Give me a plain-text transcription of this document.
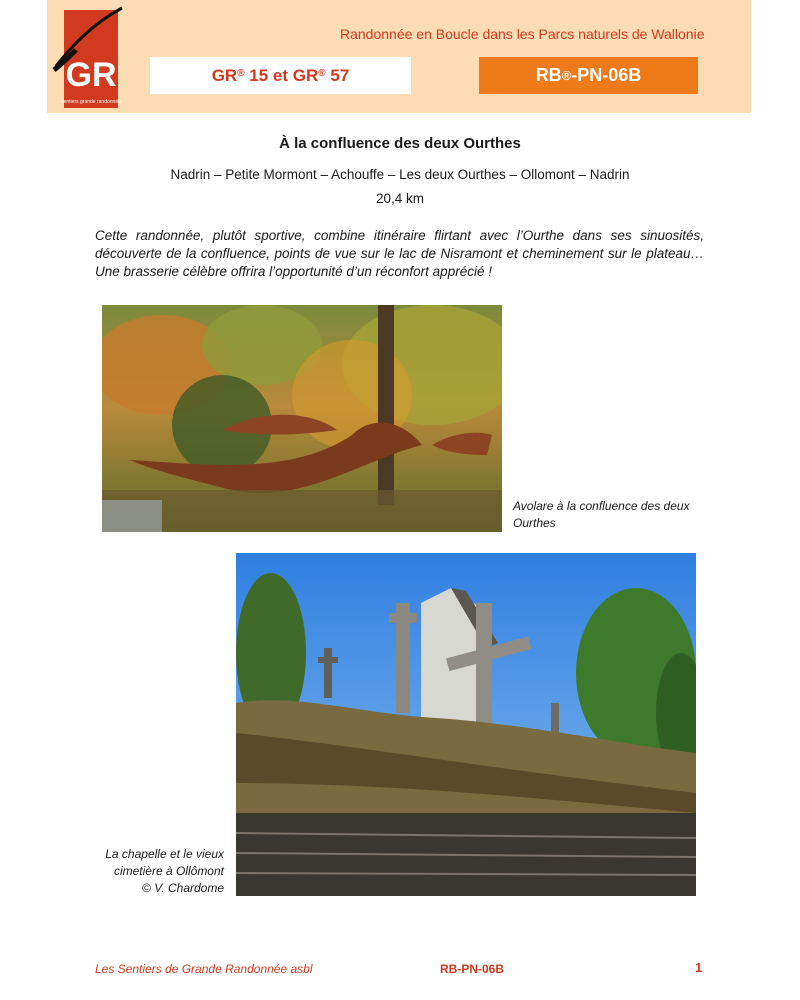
GR
sentiers grande randonnée
Randonnée en Boucle dans les Parcs naturels de Wallonie
GR® 15 et GR® 57	RB ® -PN-06B
À la confluence des deux Ourthes
Nadrin – Petite Mormont – Achouffe – Les deux Ourthes – Ollomont – Nadrin
20,4 km
Cette randonnée, plutôt sportive, combine itinéraire flirtant avec l’Ourthe dans ses sinuosités, découverte de la confluence, points de vue sur le lac de Nisramont et cheminement sur le plateau… Une brasserie célèbre offrira l’opportunité d’un réconfort apprécié !
Avolare à la confluence des deux Ourthes
La chapelle et le vieux
cimetière à Ollômont
© V. Chardome
Les Sentiers de Grande Randonnée asbl	RB-PN-06B	1
